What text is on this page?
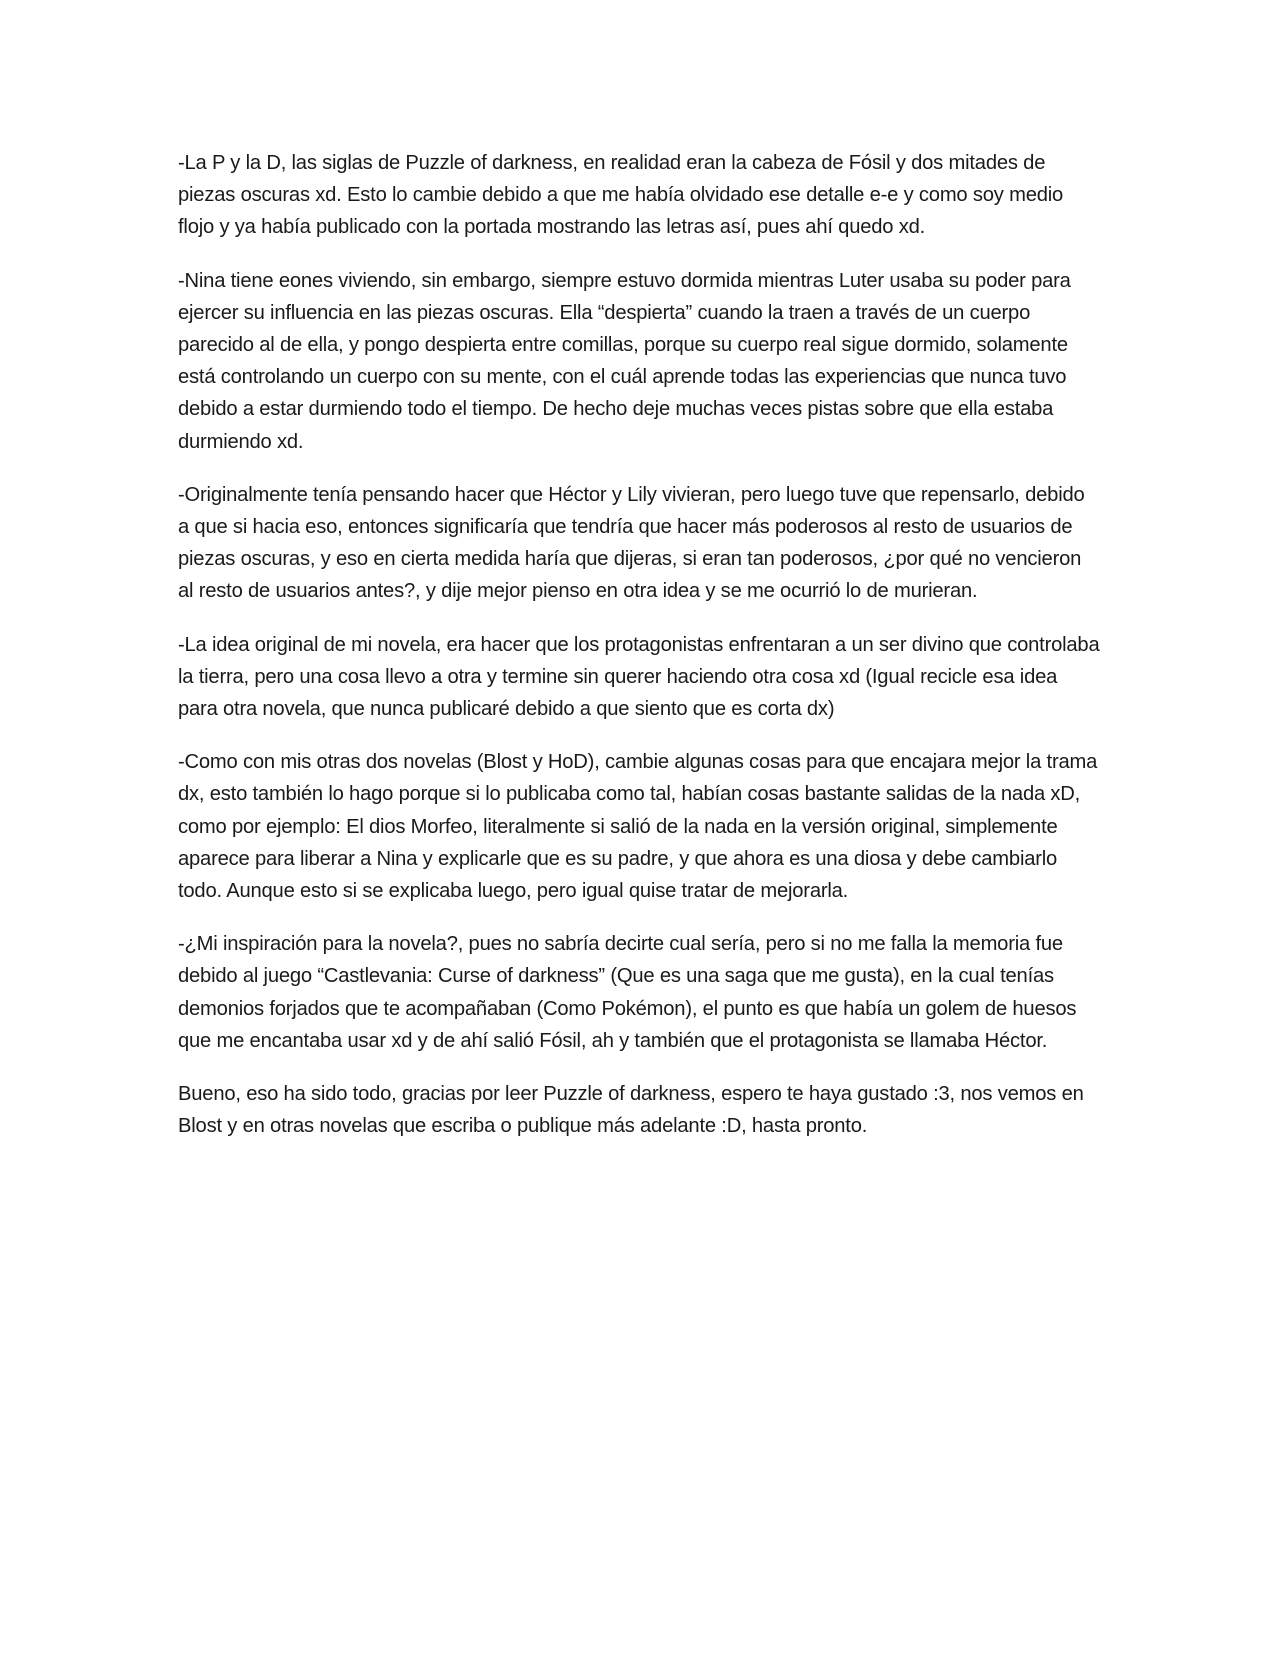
-La P y la D, las siglas de Puzzle of darkness, en realidad eran la cabeza de Fósil y dos mitades de piezas oscuras xd. Esto lo cambie debido a que me había olvidado ese detalle e-e y como soy medio flojo y ya había publicado con la portada mostrando las letras así, pues ahí quedo xd.

-Nina tiene eones viviendo, sin embargo, siempre estuvo dormida mientras Luter usaba su poder para ejercer su influencia en las piezas oscuras. Ella “despierta” cuando la traen a través de un cuerpo parecido al de ella, y pongo despierta entre comillas, porque su cuerpo real sigue dormido, solamente está controlando un cuerpo con su mente, con el cuál aprende todas las experiencias que nunca tuvo debido a estar durmiendo todo el tiempo. De hecho deje muchas veces pistas sobre que ella estaba durmiendo xd.

-Originalmente tenía pensando hacer que Héctor y Lily vivieran, pero luego tuve que repensarlo, debido a que si hacia eso, entonces significaría que tendría que hacer más poderosos al resto de usuarios de piezas oscuras, y eso en cierta medida haría que dijeras, si eran tan poderosos, ¿por qué no vencieron al resto de usuarios antes?, y dije mejor pienso en otra idea y se me ocurrió lo de murieran.

-La idea original de mi novela, era hacer que los protagonistas enfrentaran a un ser divino que controlaba la tierra, pero una cosa llevo a otra y termine sin querer haciendo otra cosa xd (Igual recicle esa idea para otra novela, que nunca publicaré debido a que siento que es corta dx)

-Como con mis otras dos novelas (Blost y HoD), cambie algunas cosas para que encajara mejor la trama dx, esto también lo hago porque si lo publicaba como tal, habían cosas bastante salidas de la nada xD, como por ejemplo: El dios Morfeo, literalmente si salió de la nada en la versión original, simplemente aparece para liberar a Nina y explicarle que es su padre, y que ahora es una diosa y debe cambiarlo todo. Aunque esto si se explicaba luego, pero igual quise tratar de mejorarla.

-¿Mi inspiración para la novela?, pues no sabría decirte cual sería, pero si no me falla la memoria fue debido al juego “Castlevania: Curse of darkness” (Que es una saga que me gusta), en la cual tenías demonios forjados que te acompañaban (Como Pokémon), el punto es que había un golem de huesos que me encantaba usar xd y de ahí salió Fósil, ah y también que el protagonista se llamaba Héctor.

Bueno, eso ha sido todo, gracias por leer Puzzle of darkness, espero te haya gustado :3, nos vemos en Blost y en otras novelas que escriba o publique más adelante :D, hasta pronto.
